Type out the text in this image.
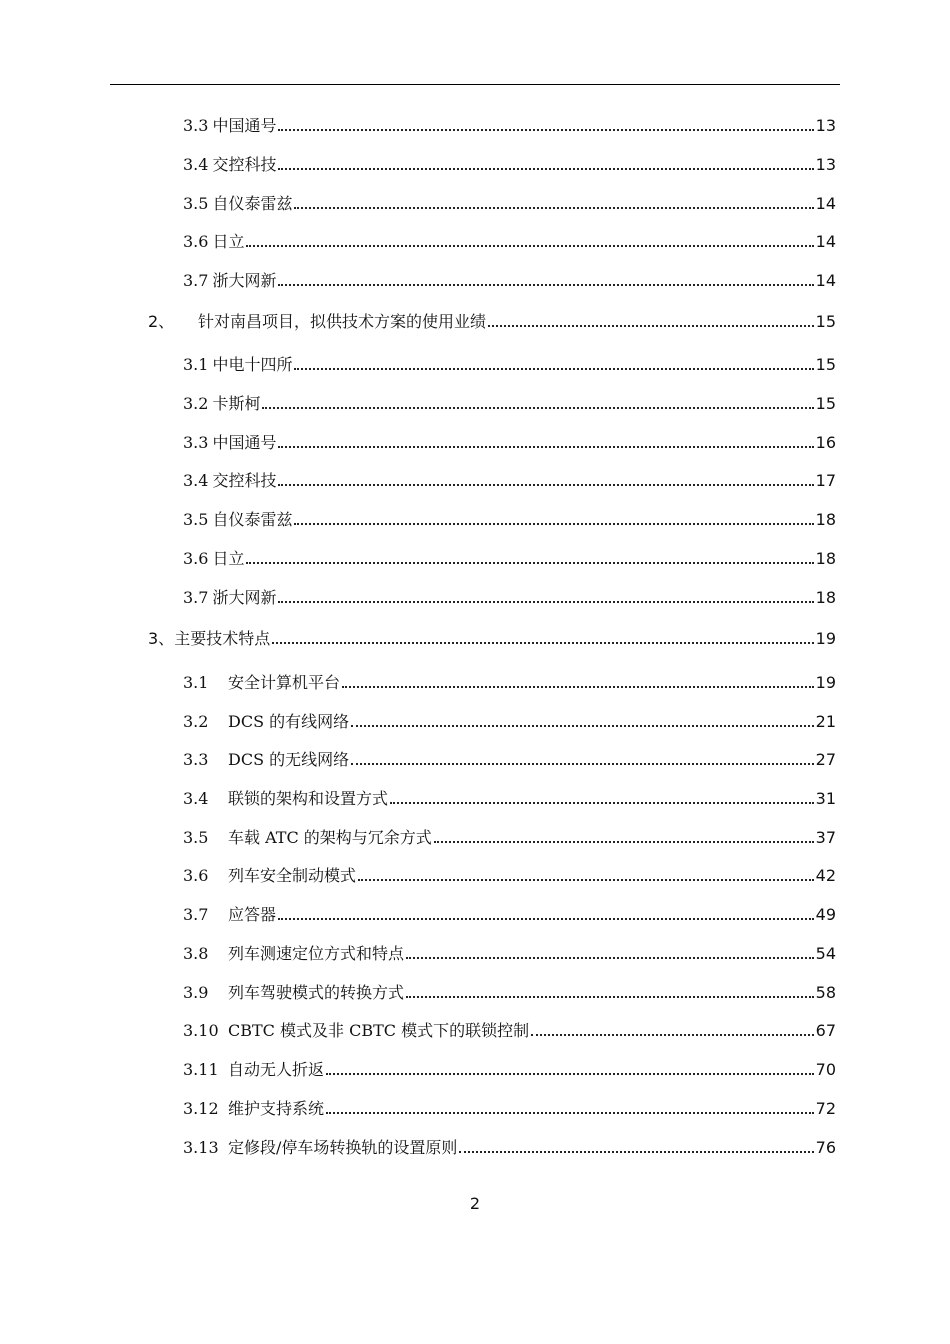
3.3 中国通号	13
3.4 交控科技	13
3.5 自仪泰雷兹	14
3.6 日立	14
3.7 浙大网新	14
2、 针对南昌项目，拟供技术方案的使用业绩	15
3.1 中电十四所	15
3.2 卡斯柯	15
3.3 中国通号	16
3.4 交控科技	17
3.5 自仪泰雷兹	18
3.6 日立	18
3.7 浙大网新	18
3、主要技术特点	19
3.1 安全计算机平台	19
3.2 DCS 的有线网络	21
3.3 DCS 的无线网络	27
3.4 联锁的架构和设置方式	31
3.5 车载 ATC 的架构与冗余方式	37
3.6 列车安全制动模式	42
3.7 应答器	49
3.8 列车测速定位方式和特点	54
3.9 列车驾驶模式的转换方式	58
3.10 CBTC 模式及非 CBTC 模式下的联锁控制	67
3.11 自动无人折返	70
3.12 维护支持系统	72
3.13 定修段/停车场转换轨的设置原则	76
2
